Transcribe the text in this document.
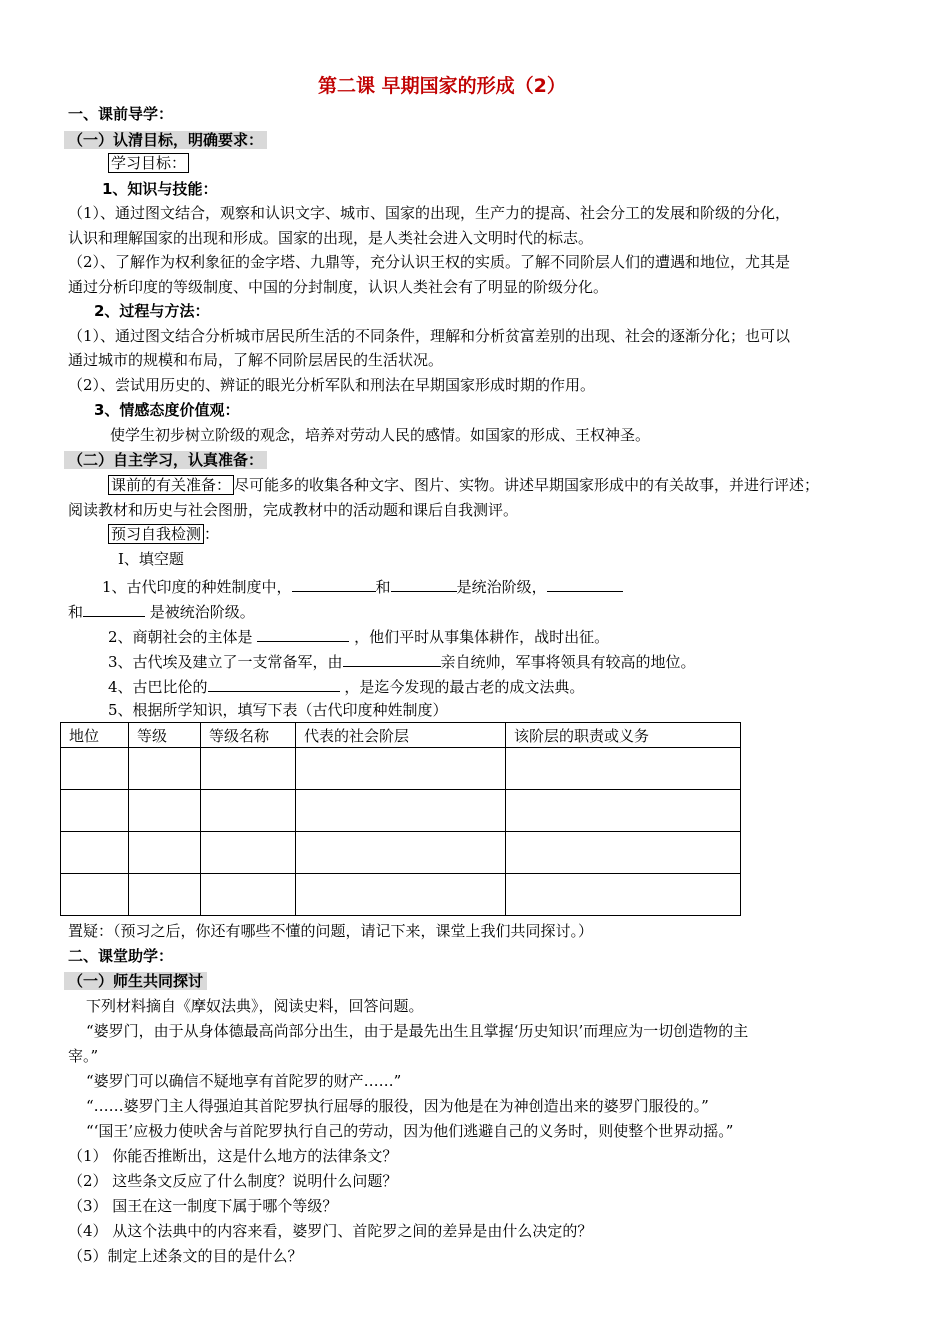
第二课 早期国家的形成（2）
一、课前导学：
（一）认清目标，明确要求：
学习目标：
1、知识与技能：
（1）、通过图文结合，观察和认识文字、城市、国家的出现，生产力的提高、社会分工的发展和阶级的分化，
认识和理解国家的出现和形成。国家的出现，是人类社会进入文明时代的标志。
（2）、了解作为权利象征的金字塔、九鼎等，充分认识王权的实质。了解不同阶层人们的遭遇和地位，尤其是
通过分析印度的等级制度、中国的分封制度，认识人类社会有了明显的阶级分化。
2、过程与方法：
（1）、通过图文结合分析城市居民所生活的不同条件，理解和分析贫富差别的出现、社会的逐渐分化；也可以
通过城市的规模和布局，了解不同阶层居民的生活状况。
（2）、尝试用历史的、辨证的眼光分析军队和刑法在早期国家形成时期的作用。
3、情感态度价值观：
使学生初步树立阶级的观念，培养对劳动人民的感情。如国家的形成、王权神圣。
（二）自主学习，认真准备：
课前的有关准备： 尽可能多的收集各种文字、图片、实物。讲述早期国家形成中的有关故事，并进行评述；
阅读教材和历史与社会图册，完成教材中的活动题和课后自我测评。
预习自我检测 ：
Ⅰ、填空题
1、古代印度的种姓制度中，	和	是统治阶级，
和	是被统治阶级。
2、商朝社会的主体是	，他们平时从事集体耕作，战时出征。
3、古代埃及建立了一支常备军，由	亲自统帅，军事将领具有较高的地位。
4、古巴比伦的	，是迄今发现的最古老的成文法典。
5、根据所学知识，填写下表（古代印度种姓制度）
地位	等级	等级名称	代表的社会阶层	该阶层的职责或义务

置疑：（预习之后，你还有哪些不懂的问题，请记下来，课堂上我们共同探讨。）
二、课堂助学：
（一）师生共同探讨
下列材料摘自《摩奴法典》，阅读史料，回答问题。
“婆罗门，由于从身体德最高尚部分出生，由于是最先出生且掌握‘历史知识’而理应为一切创造物的主
宰。”
“婆罗门可以确信不疑地享有首陀罗的财产……”
“……婆罗门主人得强迫其首陀罗执行屈辱的服役，因为他是在为神创造出来的婆罗门服役的。”
“‘国王’应极力使吠舍与首陀罗执行自己的劳动，因为他们逃避自己的义务时，则使整个世界动摇。”
（1） 你能否推断出，这是什么地方的法律条文？
（2） 这些条文反应了什么制度？说明什么问题？
（3） 国王在这一制度下属于哪个等级？
（4） 从这个法典中的内容来看，婆罗门、首陀罗之间的差异是由什么决定的？
（5）制定上述条文的目的是什么？
